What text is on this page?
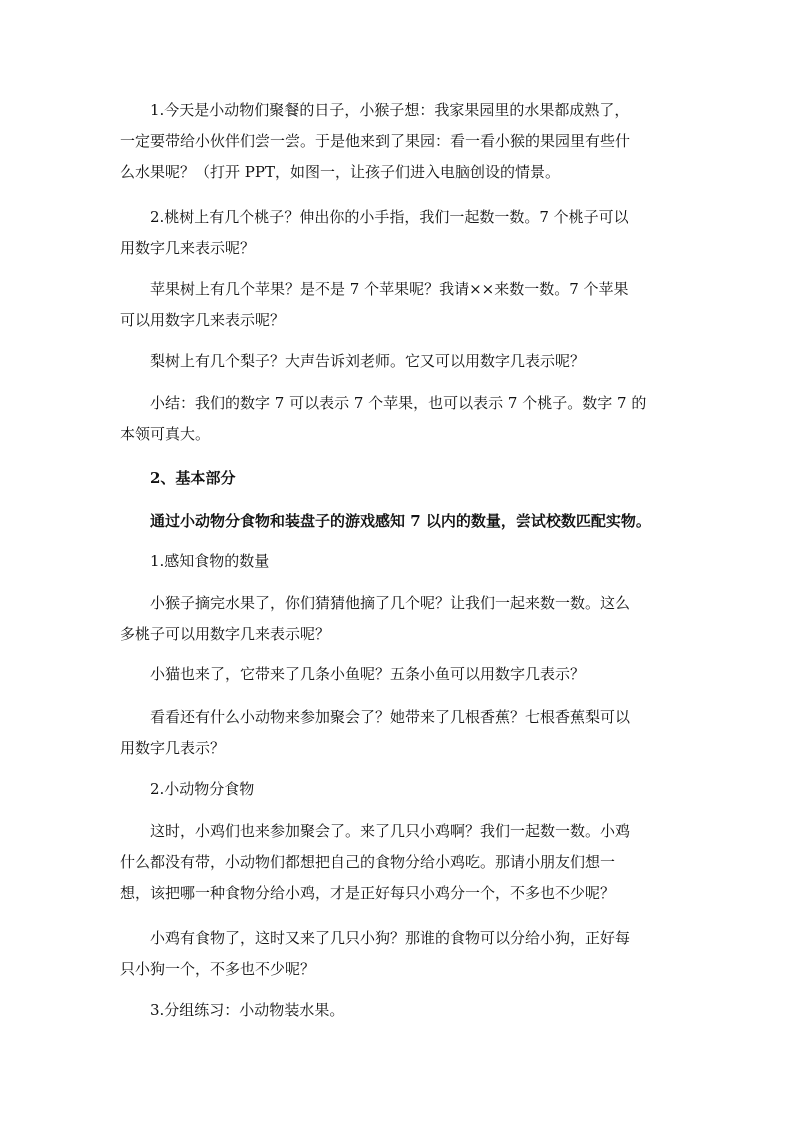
　　1.今天是小动物们聚餐的日子，小猴子想：我家果园里的水果都成熟了，
一定要带给小伙伴们尝一尝。于是他来到了果园：看一看小猴的果园里有些什
么水果呢？（打开 PPT，如图一，让孩子们进入电脑创设的情景。
　　2.桃树上有几个桃子？伸出你的小手指，我们一起数一数。7 个桃子可以
用数字几来表示呢？
　　苹果树上有几个苹果？是不是 7 个苹果呢？我请××来数一数。7 个苹果
可以用数字几来表示呢？
　　梨树上有几个梨子？大声告诉刘老师。它又可以用数字几表示呢？
　　小结：我们的数字 7 可以表示 7 个苹果，也可以表示 7 个桃子。数字 7 的
本领可真大。
　　2、基本部分
　　通过小动物分食物和装盘子的游戏感知 7 以内的数量，尝试校数匹配实物。
　　1.感知食物的数量
　　小猴子摘完水果了，你们猜猜他摘了几个呢？让我们一起来数一数。这么
多桃子可以用数字几来表示呢？
　　小猫也来了，它带来了几条小鱼呢？五条小鱼可以用数字几表示？
　　看看还有什么小动物来参加聚会了？她带来了几根香蕉？七根香蕉梨可以
用数字几表示？
　　2.小动物分食物
　　这时，小鸡们也来参加聚会了。来了几只小鸡啊？我们一起数一数。小鸡
什么都没有带，小动物们都想把自己的食物分给小鸡吃。那请小朋友们想一
想，该把哪一种食物分给小鸡，才是正好每只小鸡分一个，不多也不少呢？
　　小鸡有食物了，这时又来了几只小狗？那谁的食物可以分给小狗，正好每
只小狗一个，不多也不少呢？
　　3.分组练习：小动物装水果。
